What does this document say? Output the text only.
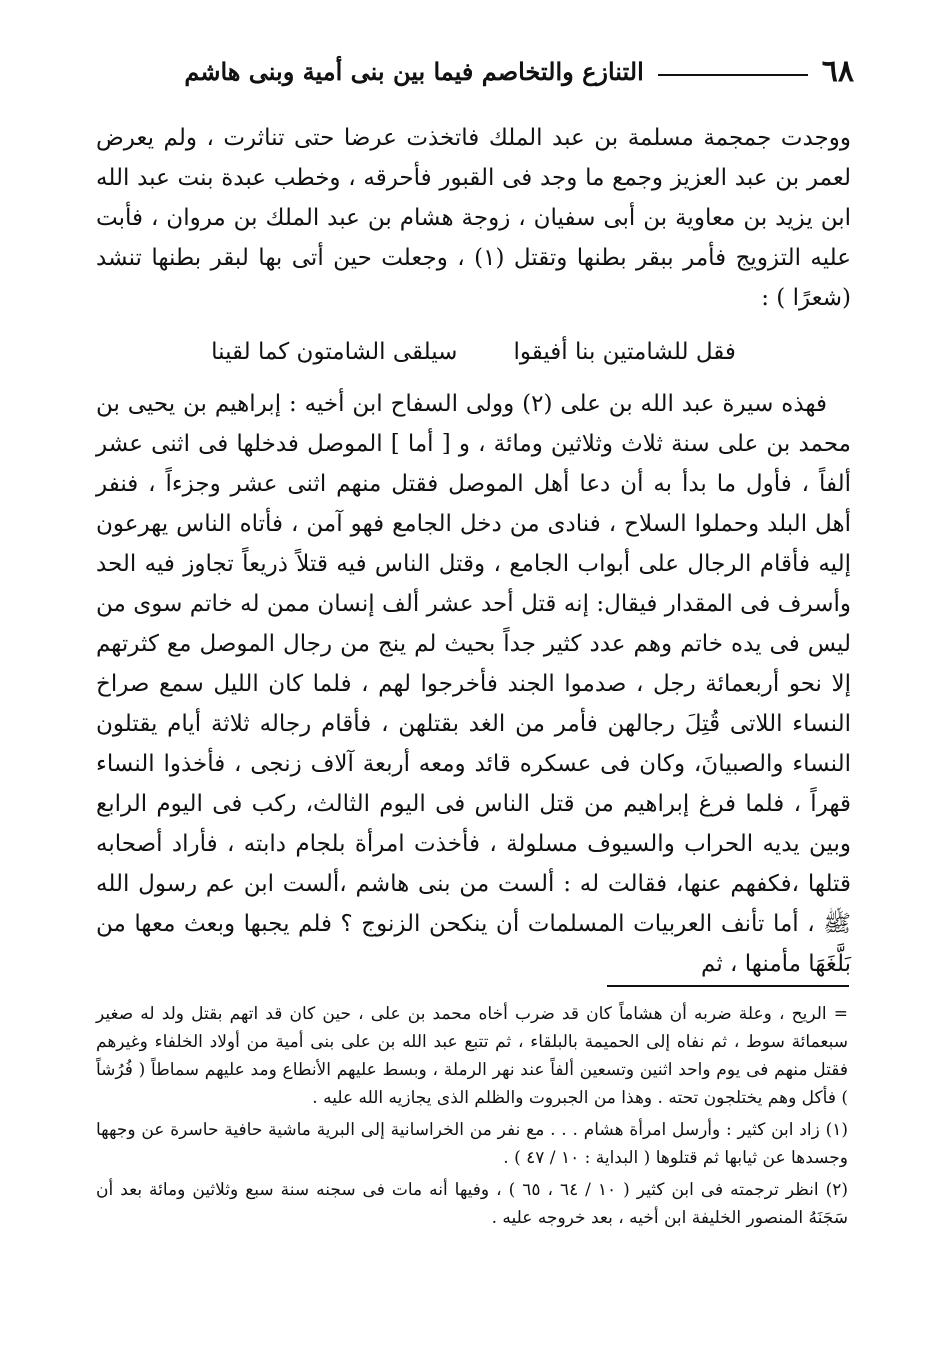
٦٨
التنازع والتخاصم فيما بين بنى أمية وبنى هاشم

ووجدت جمجمة مسلمة بن عبد الملك فاتخذت عرضا حتى تناثرت ، ولم يعرض لعمر بن عبد العزيز وجمع ما وجد فى القبور فأحرقه ، وخطب عبدة بنت عبد الله ابن يزيد بن معاوية بن أبى سفيان ، زوجة هشام بن عبد الملك بن مروان ، فأبت عليه التزويج فأمر ببقر بطنها وتقتل (١) ، وجعلت حين أتى بها لبقر بطنها تنشد (شعرًا ) :

فقل للشامتين بنا أفيقوا
سيلقى الشامتون كما لقينا

فهذه سيرة عبد الله بن على (٢) وولى السفاح ابن أخيه : إبراهيم بن يحيى بن محمد بن على سنة ثلاث وثلاثين ومائة ، و [ أما ] الموصل فدخلها فى اثنى عشر ألفاً ، فأول ما بدأ به أن دعا أهل الموصل فقتل منهم اثنى عشر وجزءاً ، فنفر أهل البلد وحملوا السلاح ، فنادى من دخل الجامع فهو آمن ، فأتاه الناس يهرعون إليه فأقام الرجال على أبواب الجامع ، وقتل الناس فيه قتلاً ذريعاً تجاوز فيه الحد وأسرف فى المقدار فيقال: إنه قتل أحد عشر ألف إنسان ممن له خاتم سوى من ليس فى يده خاتم وهم عدد كثير جداً بحيث لم ينج من رجال الموصل مع كثرتهم إلا نحو أربعمائة رجل ، صدموا الجند فأخرجوا لهم ، فلما كان الليل سمع صراخ النساء اللاتى قُتِلَ رجالهن فأمر من الغد بقتلهن ، فأقام رجاله ثلاثة أيام يقتلون النساء والصبيانَ، وكان فى عسكره قائد ومعه أربعة آلاف زنجى ، فأخذوا النساء قهراً ، فلما فرغ إبراهيم من قتل الناس فى اليوم الثالث، ركب فى اليوم الرابع وبين يديه الحراب والسيوف مسلولة ، فأخذت امرأة بلجام دابته ، فأراد أصحابه قتلها ،فكفهم عنها، فقالت له : ألست من بنى هاشم ،ألست ابن عم رسول الله ﷺ ، أما تأنف العربيات المسلمات أن ينكحن الزنوج ؟ فلم يجبها وبعث معها من بَلَّغَهَا مأمنها ، ثم

= الريح ، وعلة ضربه أن هشاماً كان قد ضرب أخاه محمد بن على ، حين كان قد اتهم بقتل ولد له صغير سبعمائة سوط ، ثم نفاه إلى الحميمة بالبلقاء ، ثم تتبع عبد الله بن على بنى أمية من أولاد الخلفاء وغيرهم فقتل منهم فى يوم واحد اثنين وتسعين ألفاً عند نهر الرملة ، وبسط عليهم الأنطاع ومد عليهم سماطاً ( فُرُشاً ) فأكل وهم يختلجون تحته . وهذا من الجبروت والظلم الذى يجازيه الله عليه .

(١) زاد ابن كثير : وأرسل امرأة هشام . . . مع نفر من الخراسانية إلى البرية ماشية حافية حاسرة عن وجهها وجسدها عن ثيابها ثم قتلوها ( البداية : ١٠ / ٤٧ ) .

(٢) انظر ترجمته فى ابن كثير ( ١٠ / ٦٤ ، ٦٥ ) ، وفيها أنه مات فى سجنه سنة سبع وثلاثين ومائة بعد أن سَجَنَهُ المنصور الخليفة ابن أخيه ، بعد خروجه عليه .
